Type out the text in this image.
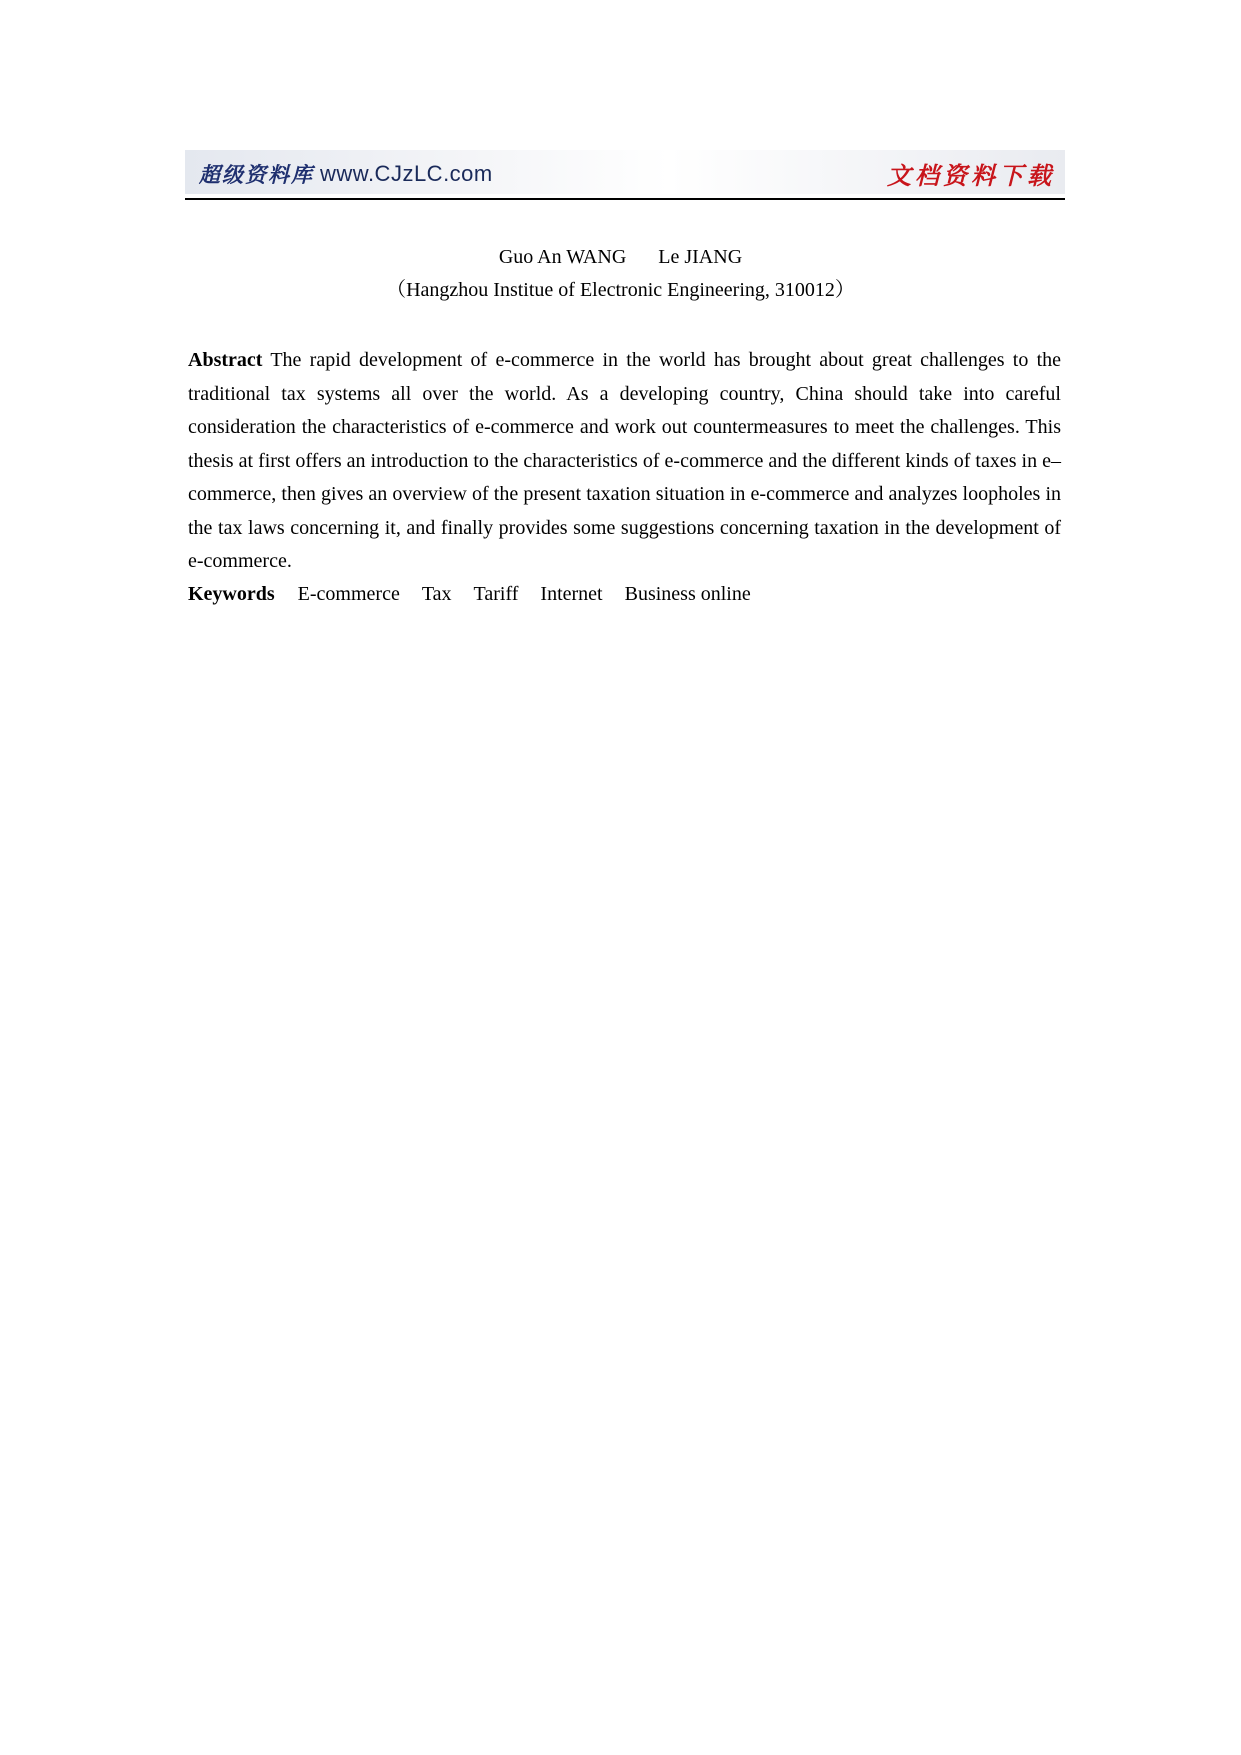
超级资料库 www.CJzLC.com	文档资料下载
Guo An WANG Le JIANG
（Hangzhou Institue of Electronic Engineering, 310012）
Abstract The rapid development of e-commerce in the world has brought about great challenges to the traditional tax systems all over the world. As a developing country, China should take into careful consideration the characteristics of e-commerce and work out countermeasures to meet the challenges. This thesis at first offers an introduction to the characteristics of e-commerce and the different kinds of taxes in e–commerce, then gives an overview of the present taxation situation in e-commerce and analyzes loopholes in the tax laws concerning it, and finally provides some suggestions concerning taxation in the development of e-commerce.
Keywords E-commerce Tax Tariff Internet Business online
